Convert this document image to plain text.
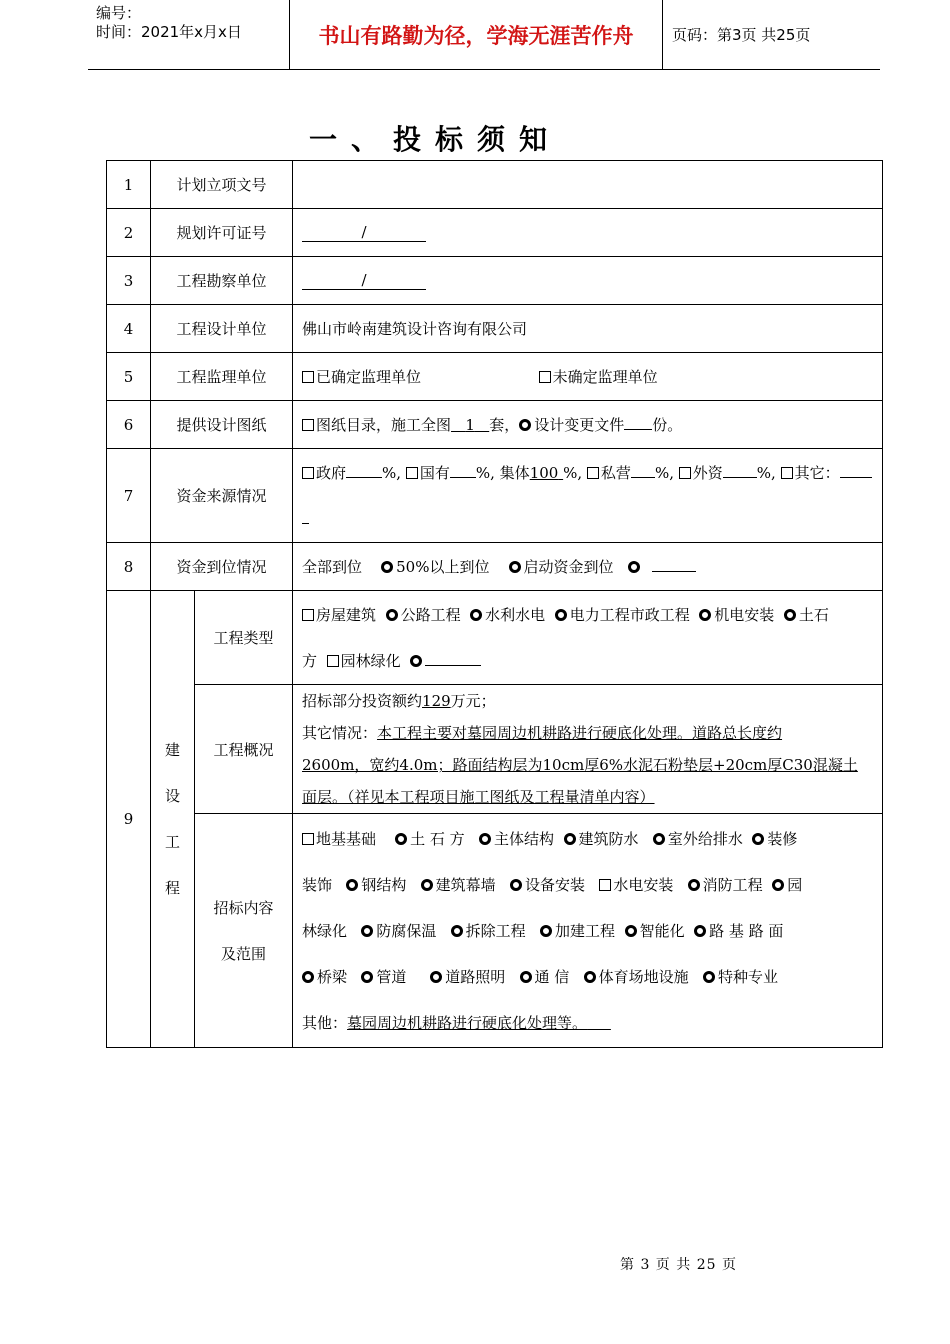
编号：
时间：2021年x月x日	书山有路勤为径，学海无涯苦作舟	页码：第3页 共25页
一、投标须知
1	计划立项文号		
2	规划许可证号		/
3	工程勘察单位		/
4	工程设计单位		佛山市岭南建筑设计咨询有限公司
5	工程监理单位		已确定监理单位 未确定监理单位
6	提供设计图纸		图纸目录，施工全图 1 套， 设计变更文件 份。
7	资金来源情况		政府 %, 国有 %, 集体100 %, 私营 %, 外资 %, 其它：

8	资金到位情况		全部到位 50%以上到位 启动资金到位
9	建
设
工
程	工程类型	房屋建筑 公路工程 水利水电 电力工程市政工程 机电安装 土石
方 园林绿化
		工程概况	招标部分投资额约129万元；
其它情况：本工程主要对墓园周边机耕路进行硬底化处理。道路总长度约
2600m，宽约4.0m；路面结构层为10cm厚6%水泥石粉垫层+20cm厚C30混凝土
面层。（祥见本工程项目施工图纸及工程量清单内容）
		招标内容
及范围	地基基础 土 石 方 主体结构 建筑防水 室外给排水 装修
装饰 钢结构 建筑幕墙 设备安装 水电安装 消防工程 园
林绿化 防腐保温 拆除工程 加建工程 智能化 路 基 路 面
桥梁 管道 道路照明 通 信 体育场地设施 特种专业
其他：墓园周边机耕路进行硬底化处理等。
第 3 页 共 25 页
